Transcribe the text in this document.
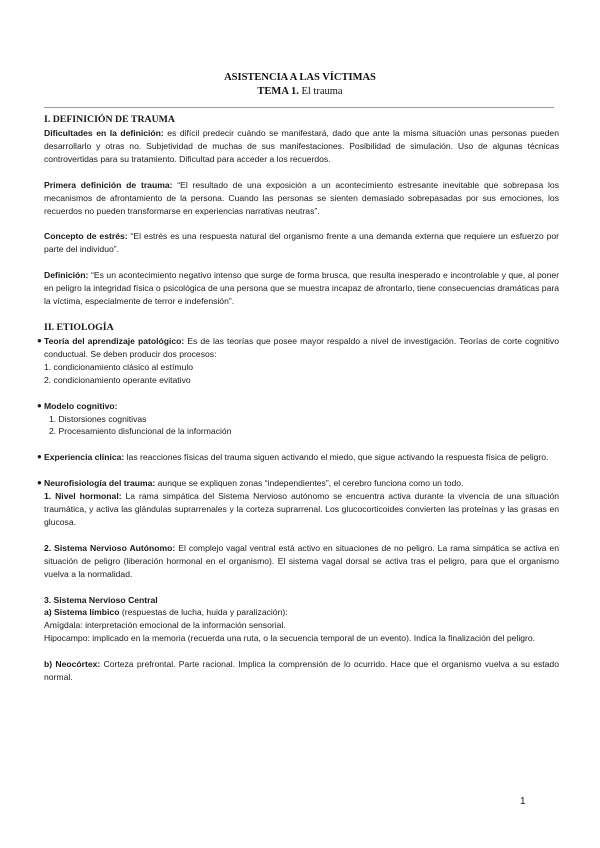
ASISTENCIA A LAS VÍCTIMAS
TEMA 1. El trauma
I. DEFINICIÓN DE TRAUMA

Dificultades en la definición: es difícil predecir cuándo se manifestará, dado que ante la misma situación unas personas pueden desarrollarlo y otras no. Subjetividad de muchas de sus manifestaciones. Posibilidad de simulación. Uso de algunas técnicas controvertidas para su tratamiento. Dificultad para acceder a los recuerdos.

Primera definición de trauma: “El resultado de una exposición a un acontecimiento estresante inevitable que sobrepasa los mecanismos de afrontamiento de la persona. Cuando las personas se sienten demasiado sobrepasadas por sus emociones, los recuerdos no pueden transformarse en experiencias narrativas neutras”.

Concepto de estrés: “El estrés es una respuesta natural del organismo frente a una demanda externa que requiere un esfuerzo por parte del individuo”.

Definición: “Es un acontecimiento negativo intenso que surge de forma brusca, que resulta inesperado e incontrolable y que, al poner en peligro la integridad física o psicológica de una persona que se muestra incapaz de afrontarlo, tiene consecuencias dramáticas para la víctima, especialmente de terror e indefensión”.

II. ETIOLOGÍA

● Teoría del aprendizaje patológico: Es de las teorías que posee mayor respaldo a nivel de investigación. Teorías de corte cognitivo conductual. Se deben producir dos procesos:

1. condicionamiento clásico al estímulo
2. condicionamiento operante evitativo

● Modelo cognitivo:

1. Distorsiones cognitivas
2. Procesamiento disfuncional de la información

● Experiencia clínica: las reacciones físicas del trauma siguen activando el miedo, que sigue activando la respuesta física de peligro.

● Neurofisiología del trauma: aunque se expliquen zonas “independientes”, el cerebro funciona como un todo.

1. Nivel hormonal: La rama simpática del Sistema Nervioso autónomo se encuentra activa durante la vivencia de una situación traumática, y activa las glándulas suprarrenales y la corteza suprarrenal. Los glucocorticoides convierten las proteínas y las grasas en glucosa.

2. Sistema Nervioso Autónomo: El complejo vagal ventral está activo en situaciones de no peligro. La rama simpática se activa en situación de peligro (liberación hormonal en el organismo). El sistema vagal dorsal se activa tras el peligro, para que el organismo vuelva a la normalidad.

3. Sistema Nervioso Central

a) Sistema límbico (respuestas de lucha, huida y paralización):

Amígdala: interpretación emocional de la información sensorial.

Hipocampo: implicado en la memoria (recuerda una ruta, o la secuencia temporal de un evento). Indica la finalización del peligro.

b) Neocórtex: Corteza prefrontal. Parte racional. Implica la comprensión de lo ocurrido. Hace que el organismo vuelva a su estado normal.

1
